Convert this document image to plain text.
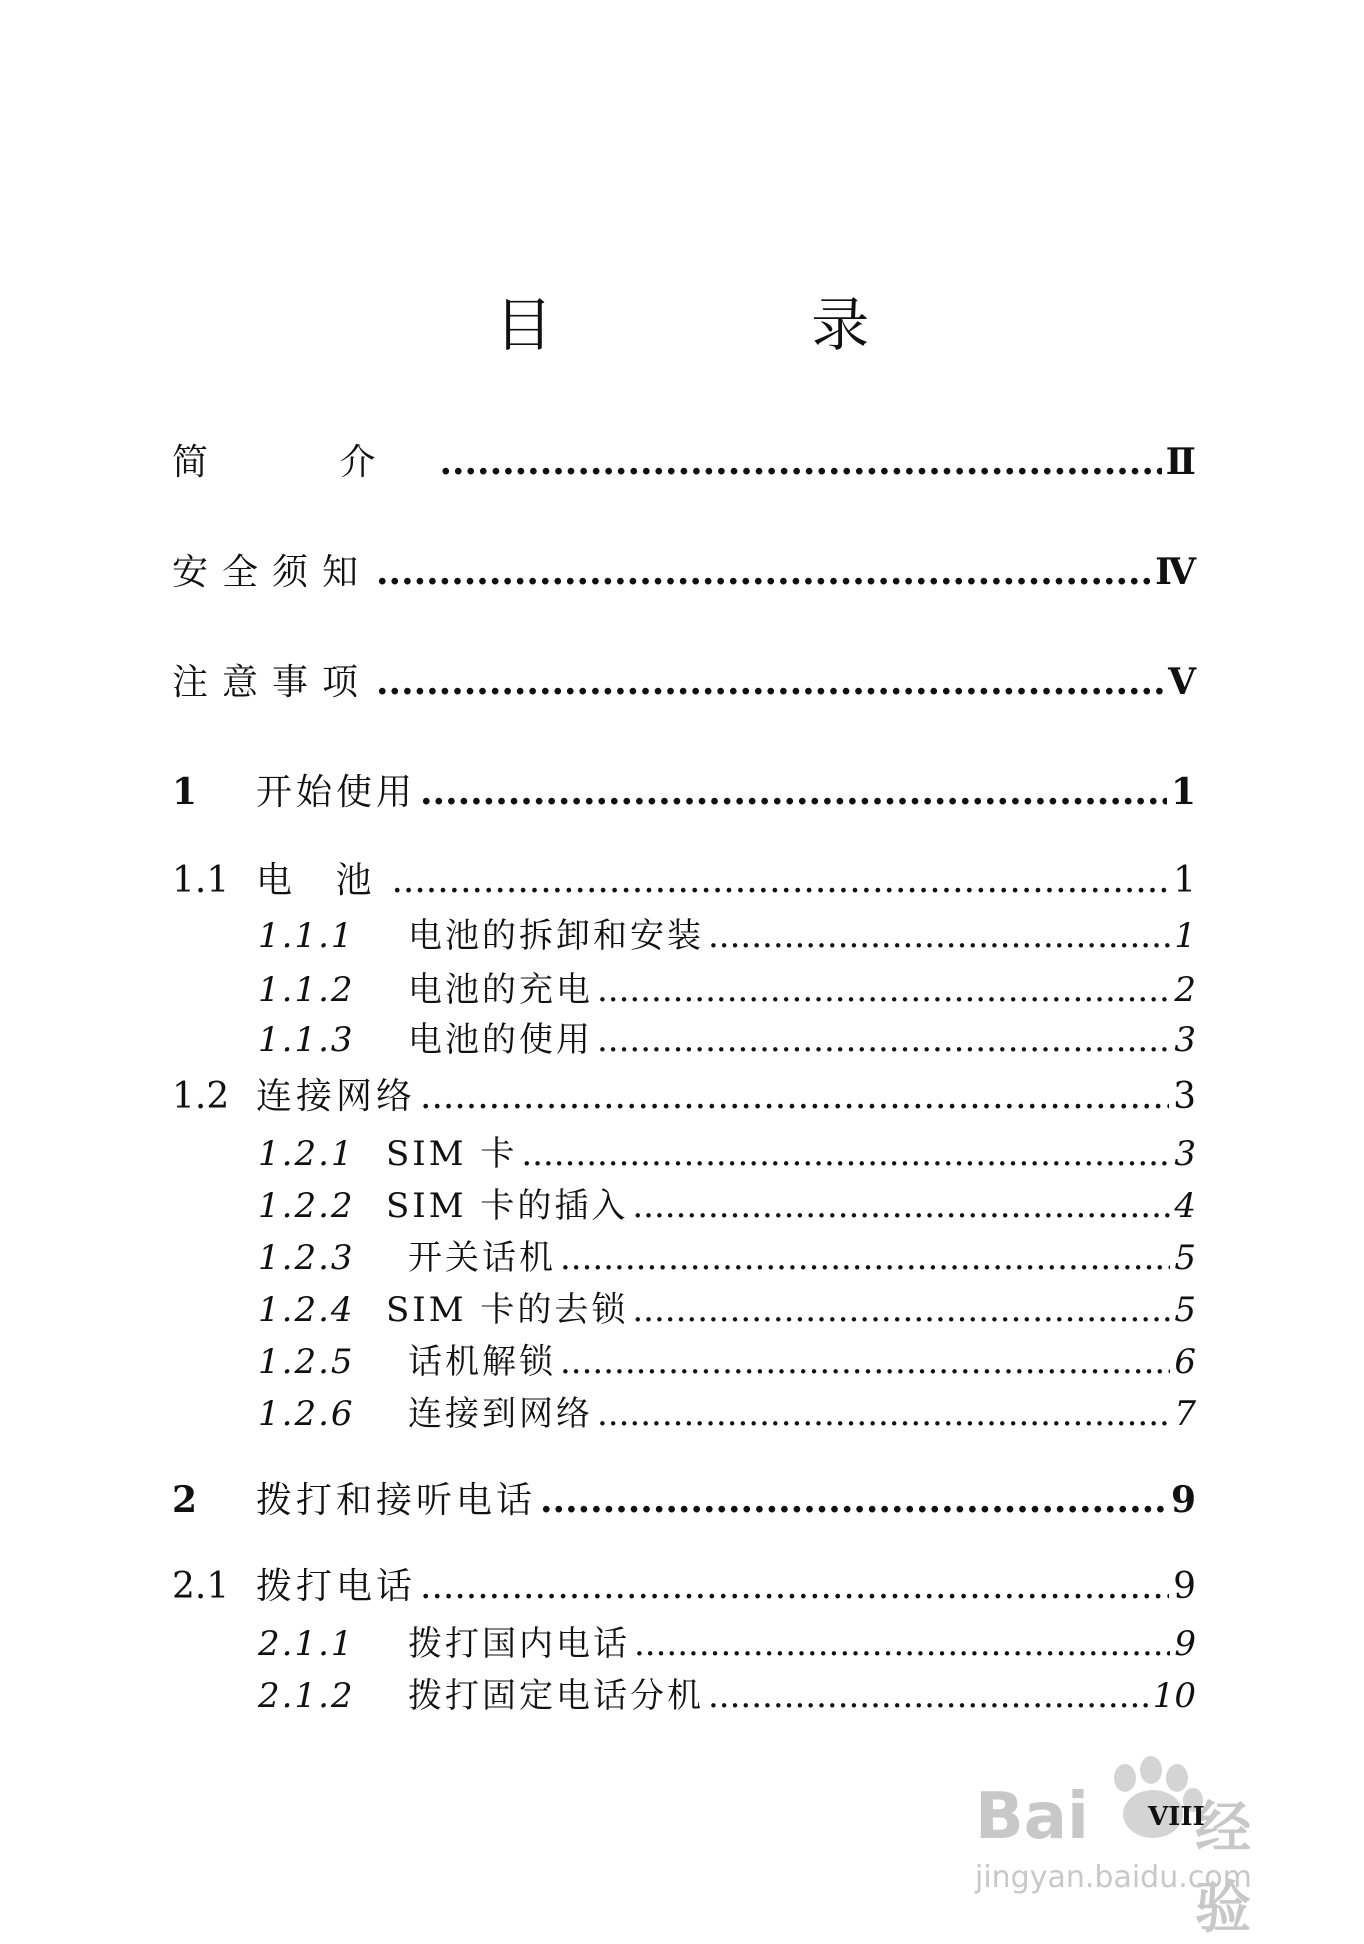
目 录
简 介 .....	Ⅱ
安全须知 .....	Ⅳ
注意事项 .....	V
1	开始使用 .....	1
1.1 电 池 .....	1
1.1.1	电池的拆卸和安装 .....	1
1.1.2	电池的充电 .....	2
1.1.3	电池的使用 .....	3
1.2 连接网络 .....	3
1.2.1 SIM 卡 .....	3
1.2.2 SIM 卡的插入 .....	4
1.2.3	开关话机 .....	5
1.2.4 SIM 卡的去锁 .....	5
1.2.5	话机解锁 .....	6
1.2.6	连接到网络 .....	7
2	拨打和接听电话 .....	9
2.1 拨打电话 .....	9
2.1.1	拨打国内电话 .....	9
2.1.2	拨打固定电话分机 .....	10
Bai 经验
jingyan.baidu.com
VIII
